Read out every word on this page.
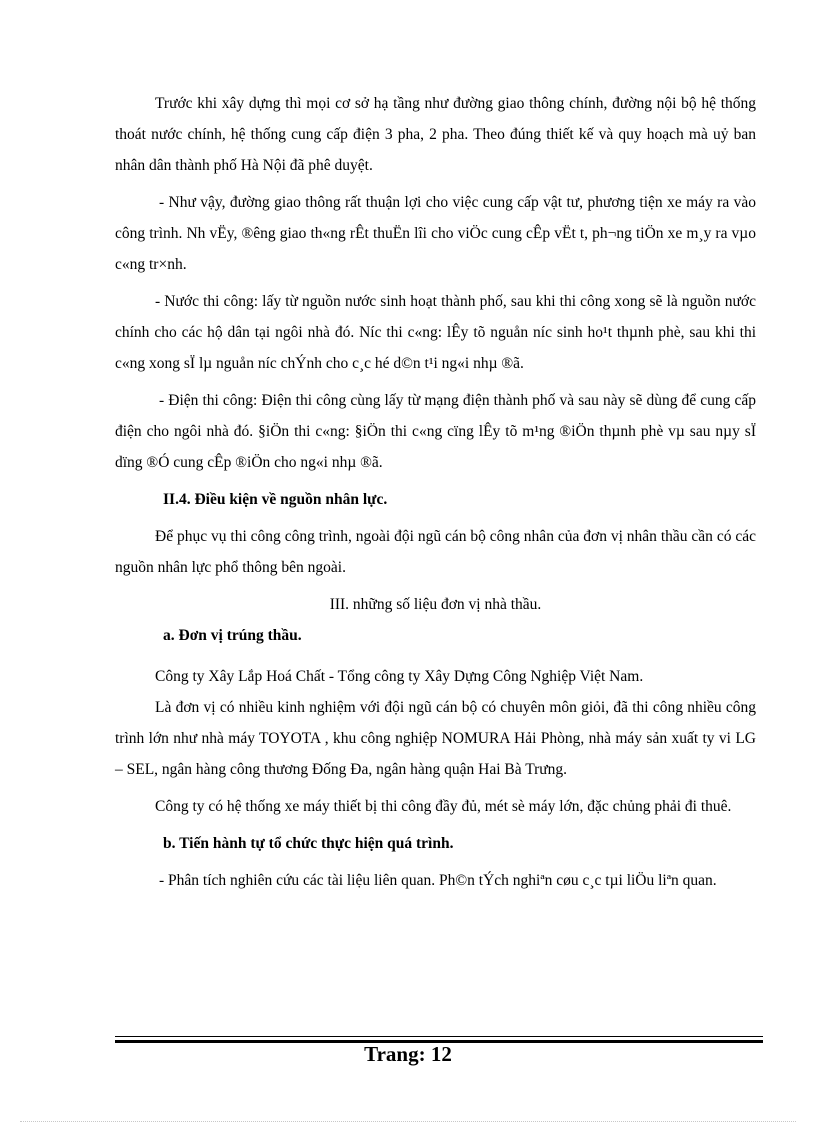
Trước khi xây dựng thì mọi cơ sở hạ tầng như đường giao thông chính, đường nội bộ hệ thống thoát nước chính, hệ thống cung cấp điện 3 pha, 2 pha. Theo đúng thiết kế và quy hoạch mà uỷ ban nhân dân thành phố Hà Nội đã phê duyệt.

- Như vậy, đường giao thông rất thuận lợi cho việc cung cấp vật tư, phương tiện xe máy ra vào công trình. Nh vËy, ®êng giao th«ng rÊt thuËn lîi cho viÖc cung cÊp vËt t, ph¬ng tiÖn xe m¸y ra vµo c«ng tr×nh.

- Nước thi công: lấy từ nguồn nước sinh hoạt thành phố, sau khi thi công xong sẽ là nguồn nước chính cho các hộ dân tại ngôi nhà đó. Níc thi c«ng: lÊy tõ nguån níc sinh ho¹t thµnh phè, sau khi thi c«ng xong sÏ lµ nguån níc chÝnh cho c¸c hé d©n t¹i ng«i nhµ ®ã.

- Điện thi công: Điện thi công cùng lấy từ mạng điện thành phố và sau này sẽ dùng để cung cấp điện cho ngôi nhà đó. §iÖn thi c«ng: §iÖn thi c«ng cïng lÊy tõ m¹ng ®iÖn thµnh phè vµ sau nµy sÏ dïng ®Ó cung cÊp ®iÖn cho ng«i nhµ ®ã.

II.4. Điều kiện về nguồn nhân lực.

Để phục vụ thi công công trình, ngoài đội ngũ cán bộ công nhân của đơn vị nhân thầu cần có các nguồn nhân lực phổ thông bên ngoài.

III. những số liệu đơn vị nhà thầu.

a. Đơn vị trúng thầu.

Công ty Xây Lắp Hoá Chất - Tổng công ty Xây Dựng Công Nghiệp Việt Nam.

Là đơn vị có nhiều kinh nghiệm với đội ngũ cán bộ có chuyên môn giỏi, đã thi công nhiều công trình lớn như nhà máy TOYOTA , khu công nghiệp NOMURA Hải Phòng, nhà máy sản xuất ty vi LG – SEL, ngân hàng công thương Đống Đa, ngân hàng quận Hai Bà Trưng.

Công ty có hệ thống xe máy thiết bị thi công đầy đủ, mét sè máy lớn, đặc chủng phải đi thuê.

b. Tiến hành tự tổ chức thực hiện quá trình.

- Phân tích nghiên cứu các tài liệu liên quan. Ph©n tÝch nghiªn cøu c¸c tµi liÖu liªn quan.

Trang: 12
